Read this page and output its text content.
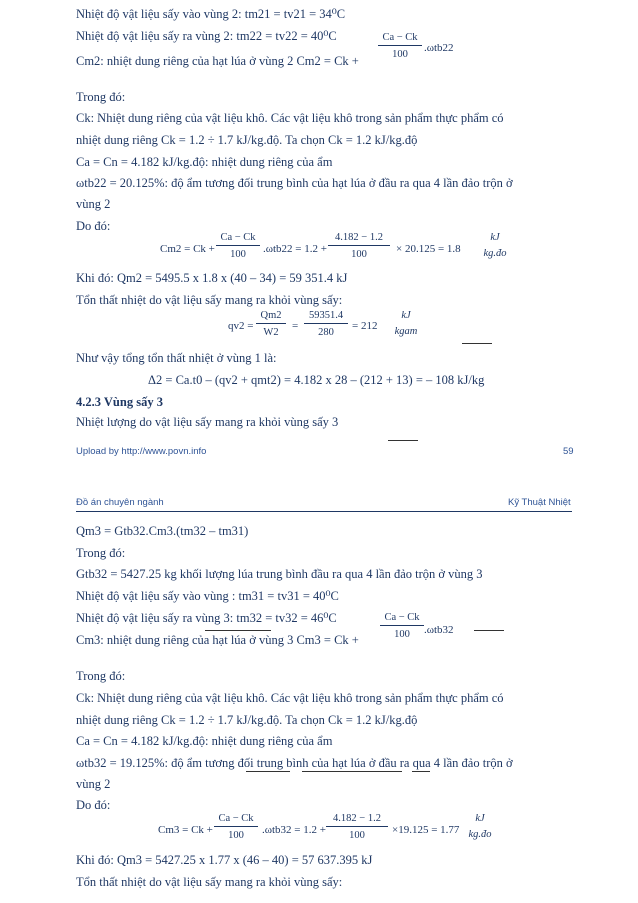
Nhiệt độ vật liệu sấy vào vùng 2: tm21 = tv21 = 34⁰C
Nhiệt độ vật liệu sấy ra vùng 2: tm22 = tv22 = 40⁰C
Cm2: nhiệt dung riêng của hạt lúa ở vùng 2 Cm2 = Ck +
$\frac{Ca - Ck}{100} .\omega tb22$
Trong đó:
Ck: Nhiệt dung riêng của vật liệu khô. Các vật liệu khô trong sản phẩm thực phẩm có
nhiệt dung riêng Ck = 1.2 ÷ 1.7 kJ/kg.độ. Ta chọn Ck = 1.2 kJ/kg.độ
Ca = Cn = 4.182 kJ/kg.độ: nhiệt dung riêng của ẩm
ωtb22 = 20.125%: độ ẩm tương đối trung bình của hạt lúa ở đầu ra qua 4 lần đảo trộn ở
vùng 2
Do đó:
$Cm2 = Ck + \frac{Ca - Ck}{100} .\omega tb22 = 1.2 + \frac{4.182 - 1.2}{100} \times 20.125 = 1.8$
kJ
kg.đo
Khi đó: Qm2 = 5495.5 x 1.8 x (40 – 34) = 59 351.4 kJ
Tổn thất nhiệt do vật liệu sấy mang ra khỏi vùng sấy:
$qv2 = \frac{Qm2}{W2} = \frac{59351.4}{280} = 212$
kJ
kgam
Như vậy tổng tổn thất nhiệt ở vùng 1 là:
Δ2 = Ca.t0 – (qv2 + qmt2) = 4.182 x 28 – (212 + 13) = – 108 kJ/kg
4.2.3 Vùng sấy 3
Nhiệt lượng do vật liệu sấy mang ra khỏi vùng sấy 3
Upload by http://www.povn.info	59
Đồ án chuyên ngành	Kỹ Thuật Nhiệt
Qm3 = Gtb32.Cm3.(tm32 – tm31)
Trong đó:
Gtb32 = 5427.25 kg khối lượng lúa trung bình đầu ra qua 4 lần đảo trộn ở vùng 3
Nhiệt độ vật liệu sấy vào vùng : tm31 = tv31 = 40⁰C
Nhiệt độ vật liệu sấy ra vùng 3: tm32 = tv32 = 46⁰C
Cm3: nhiệt dung riêng của hạt lúa ở vùng 3 $Cm3 = Ck + \frac{Ca - Ck}{100} .\omega tb32$
Trong đó:
Ck: Nhiệt dung riêng của vật liệu khô. Các vật liệu khô trong sản phẩm thực phẩm có
nhiệt dung riêng Ck = 1.2 ÷ 1.7 kJ/kg.độ. Ta chọn Ck = 1.2 kJ/kg.độ
Ca = Cn = 4.182 kJ/kg.độ: nhiệt dung riêng của ẩm
ωtb32 = 19.125%: độ ẩm tương đối trung bình của hạt lúa ở đầu ra qua 4 lần đảo trộn ở
vùng 2
Do đó:
$Cm3 = Ck + \frac{Ca - Ck}{100} .\omega tb32 = 1.2 + \frac{4.182 - 1.2}{100} \times 19.125 = 1.77$
kJ
kg.đo
Khi đó: Qm3 = 5427.25 x 1.77 x (46 – 40) = 57 637.395 kJ
Tổn thất nhiệt do vật liệu sấy mang ra khỏi vùng sấy:
